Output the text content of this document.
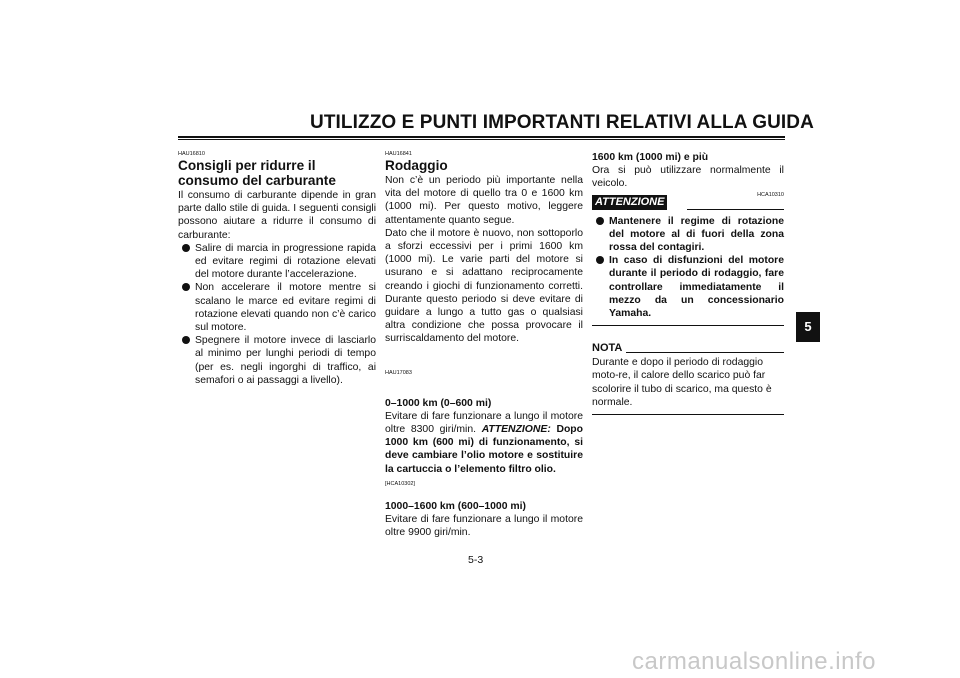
UTILIZZO E PUNTI IMPORTANTI RELATIVI ALLA GUIDA

HAU16810

Consigli per ridurre il consumo del carburante

Il consumo di carburante dipende in gran parte dallo stile di guida. I seguenti consigli possono aiutare a ridurre il consumo di carburante:

Salire di marcia in progressione rapida ed evitare regimi di rotazione elevati del motore durante l’accelerazione.
Non accelerare il motore mentre si scalano le marce ed evitare regimi di rotazione elevati quando non c’è carico sul motore.
Spegnere il motore invece di lasciarlo al minimo per lunghi periodi di tempo (per es. negli ingorghi di traffico, ai semafori o ai passaggi a livello).

HAU16841

Rodaggio

Non c’è un periodo più importante nella vita del motore di quello tra 0 e 1600 km (1000 mi). Per questo motivo, leggere attentamente quanto segue.

Dato che il motore è nuovo, non sottoporlo a sforzi eccessivi per i primi 1600 km (1000 mi). Le varie parti del motore si usurano e si adattano reciprocamente creando i giochi di funzionamento corretti. Durante questo periodo si deve evitare di guidare a lungo a tutto gas o qualsiasi altra condizione che possa provocare il surriscaldamento del motore.

HAU17083

0–1000 km (0–600 mi)

Evitare di fare funzionare a lungo il motore oltre 8300 giri/min. ATTENZIONE: Dopo 1000 km (600 mi) di funzionamento, si deve cambiare l’olio motore e sostituire la cartuccia o l’elemento filtro olio.

[HCA10302]

1000–1600 km (600–1000 mi)

Evitare di fare funzionare a lungo il motore oltre 9900 giri/min.

1600 km (1000 mi) e più

Ora si può utilizzare normalmente il veicolo.

ATTENZIONE
HCA10310
Mantenere il regime di rotazione del motore al di fuori della zona rossa del contagiri.
In caso di disfunzioni del motore durante il periodo di rodaggio, fare controllare immediatamente il mezzo da un concessionario Yamaha.
NOTA

Durante e dopo il periodo di rodaggio moto-re, il calore dello scarico può far scolorire il tubo di scarico, ma questo è normale.

5
5-3
carmanualsonline.info
